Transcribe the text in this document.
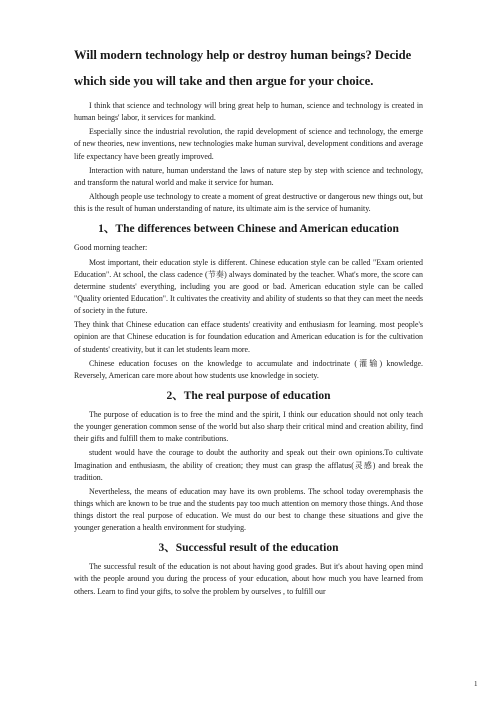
Will modern technology help or destroy human beings? Decide which side you will take and then argue for your choice.

I think that science and technology will bring great help to human, science and technology is created in human beings' labor, it services for mankind.

Especially since the industrial revolution, the rapid development of science and technology, the emerge of new theories, new inventions, new technologies make human survival, development conditions and average life expectancy have been greatly improved.

Interaction with nature, human understand the laws of nature step by step with science and technology, and transform the natural world and make it service for human.

Although people use technology to create a moment of great destructive or dangerous new things out, but this is the result of human understanding of nature, its ultimate aim is the service of humanity.

1、The differences between Chinese and American education

Good morning teacher:

Most important, their education style is different. Chinese education style can be called "Exam oriented Education". At school, the class cadence (节奏) always dominated by the teacher. What's more, the score can determine students' everything, including you are good or bad. American education style can be called "Quality oriented Education". It cultivates the creativity and ability of students so that they can meet the needs of society in the future.

They think that Chinese education can efface students' creativity and enthusiasm for learning. most people's opinion are that Chinese education is for foundation education and American education is for the cultivation of students' creativity, but it can let students learn more.

Chinese education focuses on the knowledge to accumulate and indoctrinate (灌输) knowledge. Reversely, American care more about how students use knowledge in society.

2、The real purpose of education

The purpose of education is to free the mind and the spirit, I think our education should not only teach the younger generation common sense of the world but also sharp their critical mind and creation ability, find their gifts and fulfill them to make contributions.

student would have the courage to doubt the authority and speak out their own opinions.To cultivate Imagination and enthusiasm, the ability of creation; they must can grasp the afflatus(灵感) and break the tradition.

Nevertheless, the means of education may have its own problems. The school today overemphasis the things which are known to be true and the students pay too much attention on memory those things. And those things distort the real purpose of education. We must do our best to change these situations and give the younger generation a health environment for studying.

3、Successful result of the education

The successful result of the education is not about having good grades. But it's about having open mind with the people around you during the process of your education, about how much you have learned from others. Learn to find your gifts, to solve the problem by ourselves , to fulfill our

1
